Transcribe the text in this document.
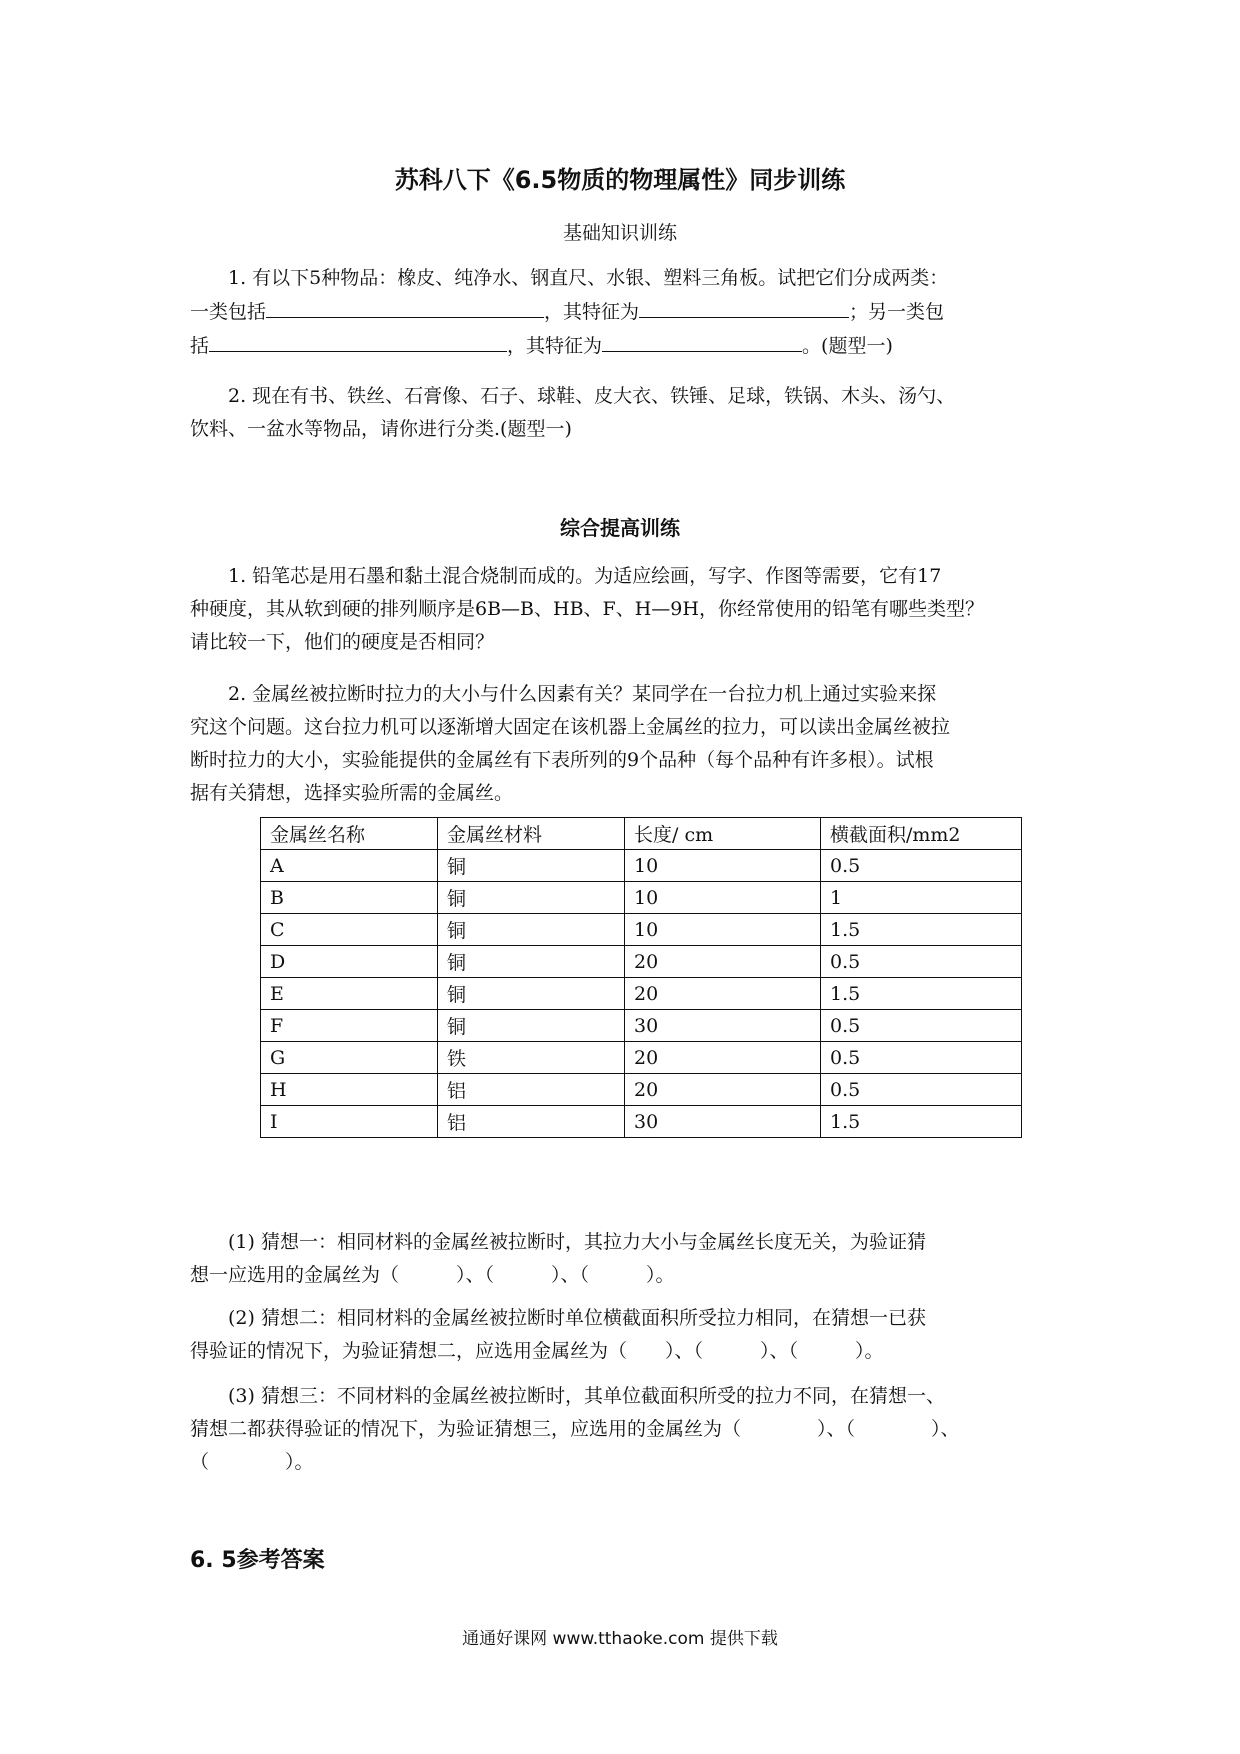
苏科八下《6.5物质的物理属性》同步训练
基础知识训练
1. 有以下5种物品：橡皮、纯净水、钢直尺、水银、塑料三角板。试把它们分成两类：
一类包括	，其特征为	；另一类包
括	，其特征为	。(题型一)
2. 现在有书、铁丝、石膏像、石子、球鞋、皮大衣、铁锤、足球，铁锅、木头、汤勺、
饮料、一盆水等物品，请你进行分类.(题型一)
综合提高训练
1. 铅笔芯是用石墨和黏土混合烧制而成的。为适应绘画，写字、作图等需要，它有17
种硬度，其从软到硬的排列顺序是6B—B、HB、F、H—9H，你经常使用的铅笔有哪些类型？
请比较一下，他们的硬度是否相同？
2. 金属丝被拉断时拉力的大小与什么因素有关？某同学在一台拉力机上通过实验来探
究这个问题。这台拉力机可以逐渐增大固定在该机器上金属丝的拉力，可以读出金属丝被拉
断时拉力的大小，实验能提供的金属丝有下表所列的9个品种（每个品种有许多根）。试根
据有关猜想，选择实验所需的金属丝。
金属丝名称	金属丝材料	长度/ cm	横截面积/mm2
A	铜	10	0.5
B	铜	10	1
C	铜	10	1.5
D	铜	20	0.5
E	铜	20	1.5
F	铜	30	0.5
G	铁	20	0.5
H	铝	20	0.5
I	铝	30	1.5
(1) 猜想一：相同材料的金属丝被拉断时，其拉力大小与金属丝长度无关，为验证猜
想一应选用的金属丝为（　　　）、（　　　）、（　　　）。
(2) 猜想二：相同材料的金属丝被拉断时单位横截面积所受拉力相同，在猜想一已获
得验证的情况下，为验证猜想二，应选用金属丝为（　　）、（　　　）、（　　　）。
(3) 猜想三：不同材料的金属丝被拉断时，其单位截面积所受的拉力不同，在猜想一、
猜想二都获得验证的情况下，为验证猜想三，应选用的金属丝为（　　　　）、（　　　　）、
（　　　　）。
6. 5参考答案
通通好课网 www.tthaoke.com 提供下载
